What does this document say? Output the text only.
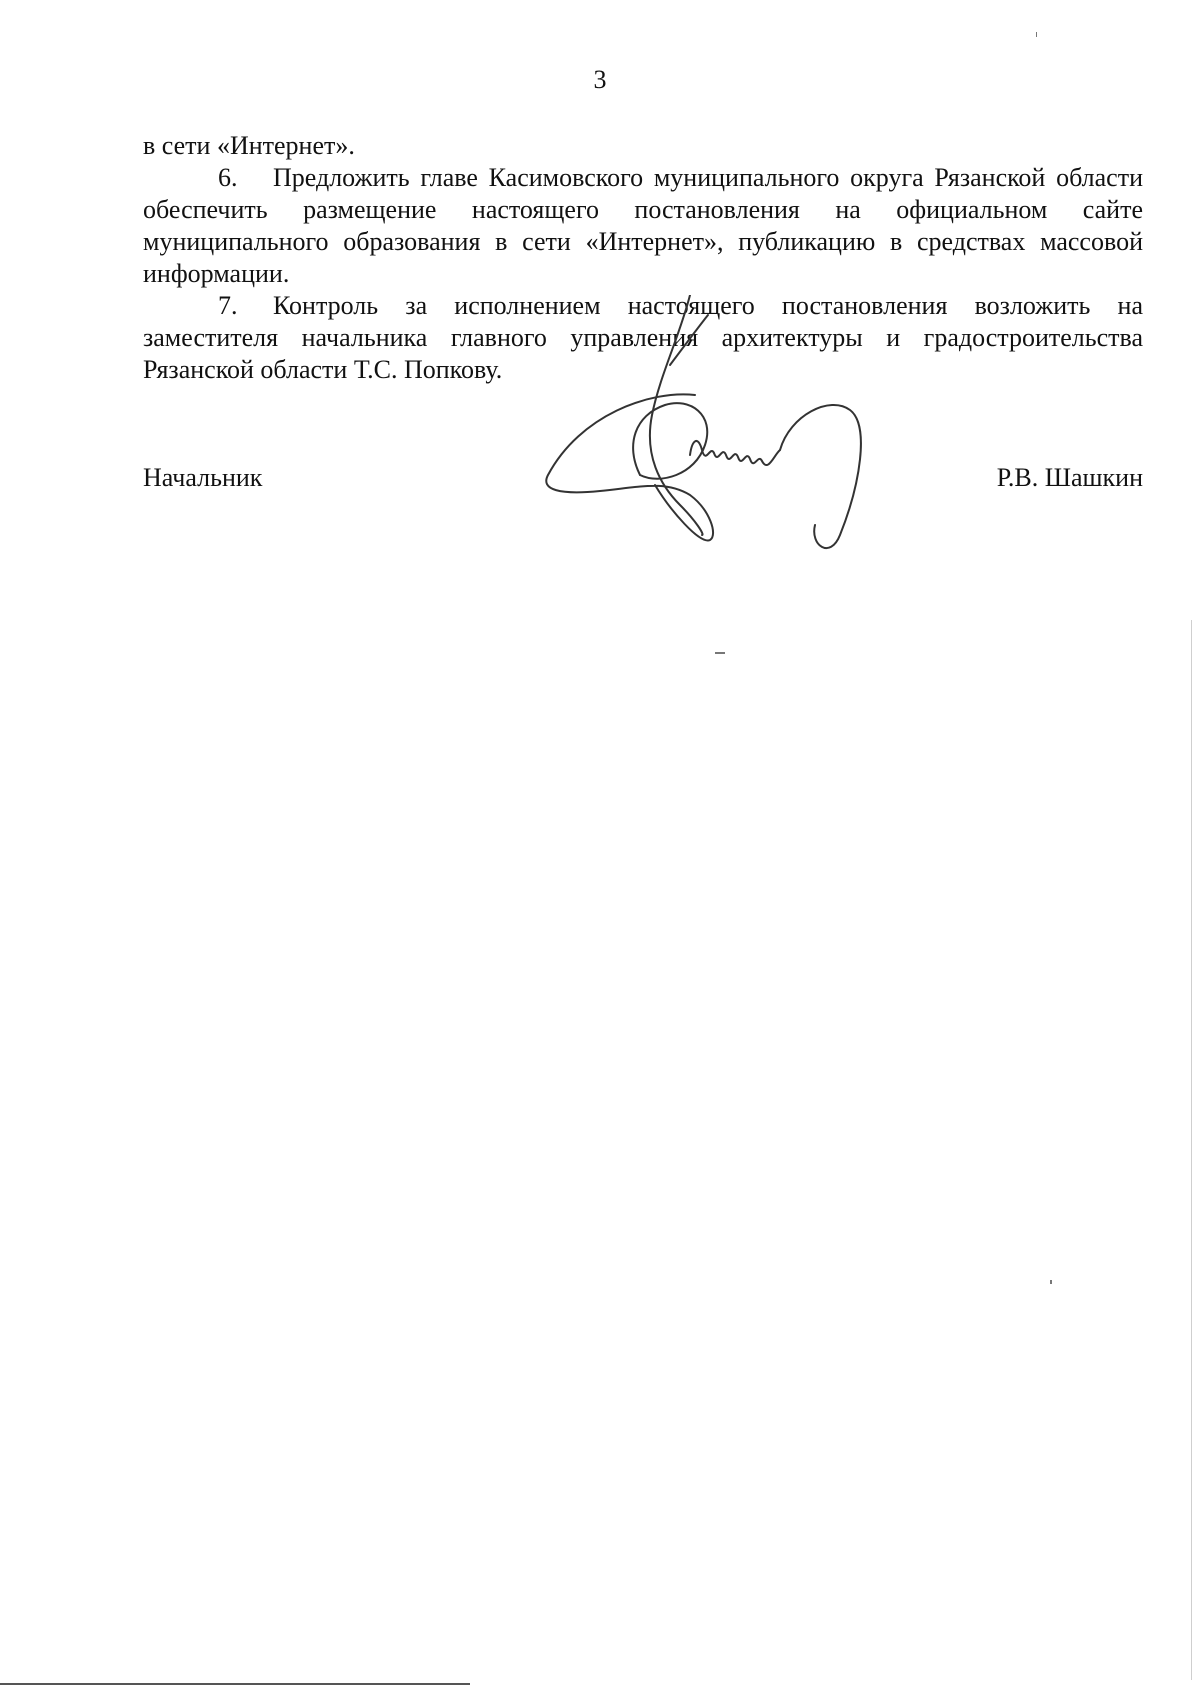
3

в сети «Интернет».

6. Предложить главе Касимовского муниципального округа Рязанской области обеспечить размещение настоящего постановления на официальном сайте муниципального образования в сети «Интернет», публикацию в средствах массовой информации.

7. Контроль за исполнением настоящего постановления возложить на заместителя начальника главного управления архитектуры и градостроительства Рязанской области Т.С. Попкову.

Начальник	Р.В. Шашкин
